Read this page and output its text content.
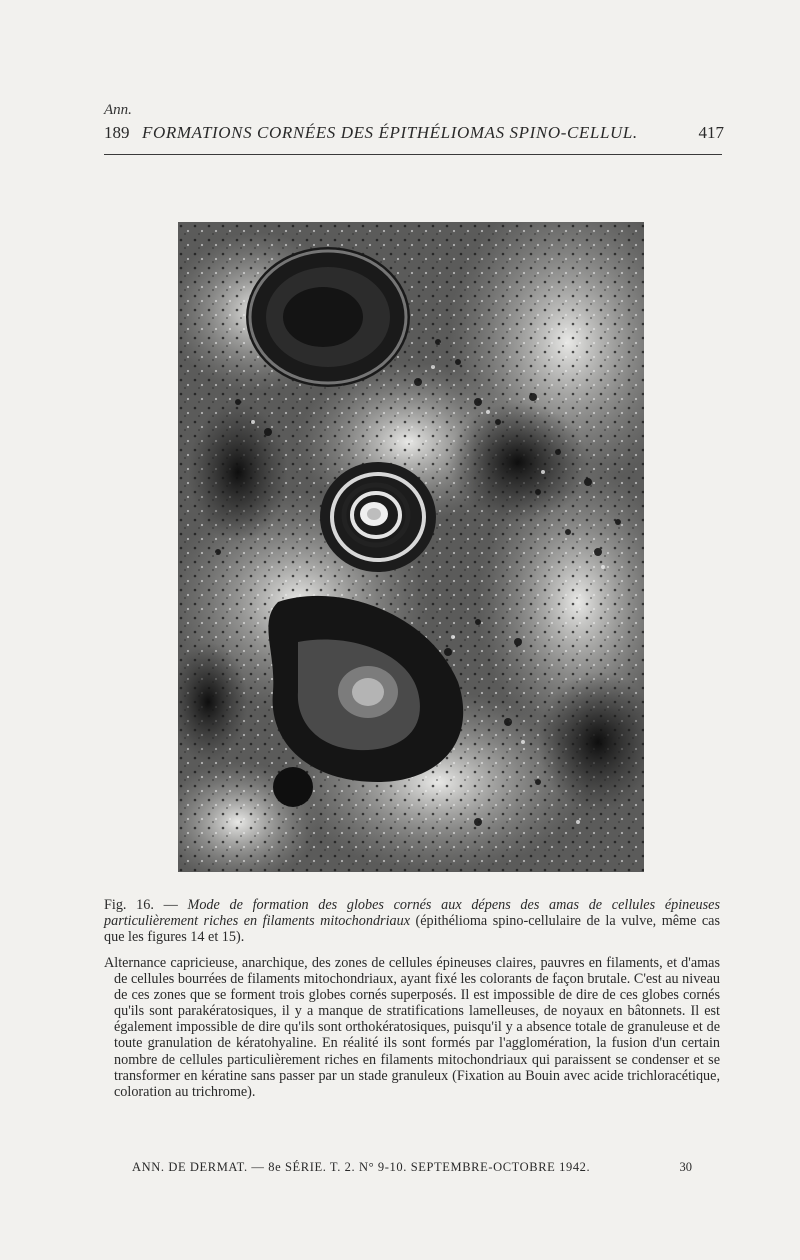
Ann.
189 FORMATIONS CORNÉES DES ÉPITHÉLIOMAS SPINO-CELLUL.	417
Fig. 16. — Mode de formation des globes cornés aux dépens des amas de cellules épineuses particulièrement riches en filaments mitochondriaux (épithélioma spino-cellulaire de la vulve, même cas que les figures 14 et 15).
Alternance capricieuse, anarchique, des zones de cellules épineuses claires, pauvres en filaments, et d'amas de cellules bourrées de filaments mitochondriaux, ayant fixé les colorants de façon brutale. C'est au niveau de ces zones que se forment trois globes cornés superposés. Il est impossible de dire de ces globes cornés qu'ils sont parakératosiques, il y a manque de stratifications lamelleuses, de noyaux en bâtonnets. Il est également impossible de dire qu'ils sont orthokératosiques, puisqu'il y a absence totale de granuleuse et de toute granulation de kératohyaline. En réalité ils sont formés par l'agglomération, la fusion d'un certain nombre de cellules particulièrement riches en filaments mitochondriaux qui paraissent se condenser et se transformer en kératine sans passer par un stade granuleux (Fixation au Bouin avec acide trichloracétique, coloration au trichrome).
ANN. DE DERMAT. — 8e SÉRIE. T. 2. N° 9-10. SEPTEMBRE-OCTOBRE 1942.	30
